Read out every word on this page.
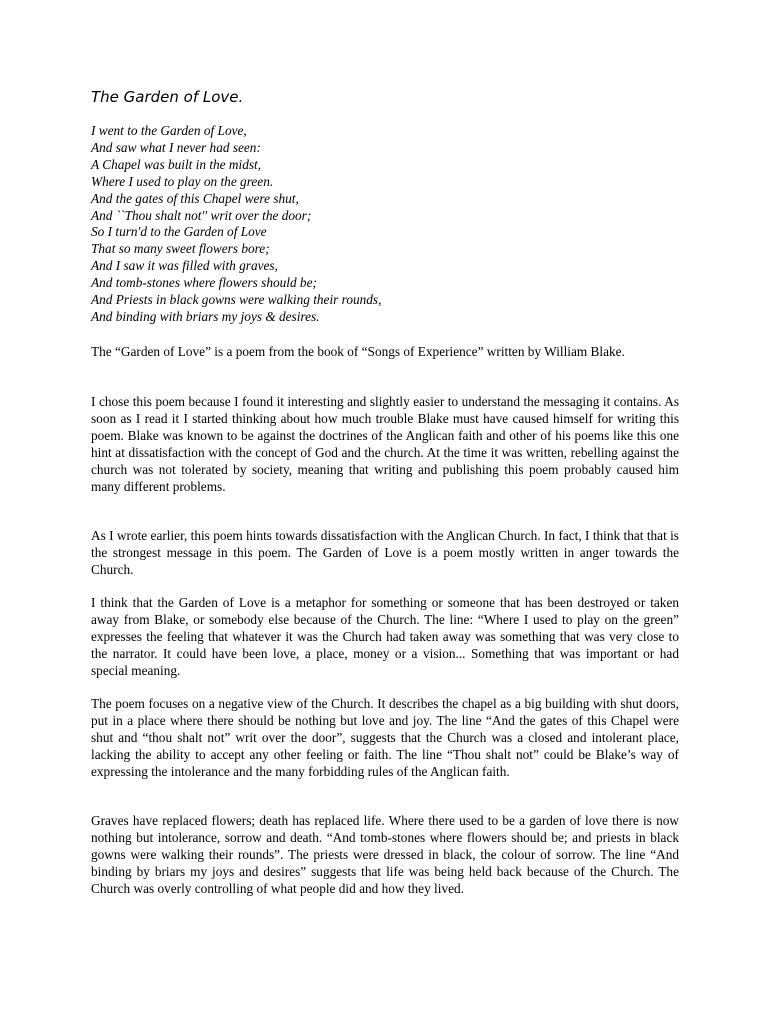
The Garden of Love.
I went to the Garden of Love,
And saw what I never had seen:
A Chapel was built in the midst,
Where I used to play on the green.
And the gates of this Chapel were shut,
And ``Thou shalt not'' writ over the door;
So I turn'd to the Garden of Love
That so many sweet flowers bore;
And I saw it was filled with graves,
And tomb-stones where flowers should be;
And Priests in black gowns were walking their rounds,
And binding with briars my joys & desires.

The “Garden of Love” is a poem from the book of “Songs of Experience” written by William Blake.

I chose this poem because I found it interesting and slightly easier to understand the messaging it contains. As soon as I read it I started thinking about how much trouble Blake must have caused himself for writing this poem. Blake was known to be against the doctrines of the Anglican faith and other of his poems like this one hint at dissatisfaction with the concept of God and the church. At the time it was written, rebelling against the church was not tolerated by society, meaning that writing and publishing this poem probably caused him many different problems.

As I wrote earlier, this poem hints towards dissatisfaction with the Anglican Church. In fact, I think that that is the strongest message in this poem. The Garden of Love is a poem mostly written in anger towards the Church.

I think that the Garden of Love is a metaphor for something or someone that has been destroyed or taken away from Blake, or somebody else because of the Church. The line: “Where I used to play on the green” expresses the feeling that whatever it was the Church had taken away was something that was very close to the narrator. It could have been love, a place, money or a vision... Something that was important or had special meaning.

The poem focuses on a negative view of the Church. It describes the chapel as a big building with shut doors, put in a place where there should be nothing but love and joy. The line “And the gates of this Chapel were shut and “thou shalt not” writ over the door”, suggests that the Church was a closed and intolerant place, lacking the ability to accept any other feeling or faith. The line “Thou shalt not” could be Blake’s way of expressing the intolerance and the many forbidding rules of the Anglican faith.

Graves have replaced flowers; death has replaced life. Where there used to be a garden of love there is now nothing but intolerance, sorrow and death. “And tomb-stones where flowers should be; and priests in black gowns were walking their rounds”. The priests were dressed in black, the colour of sorrow. The line “And binding by briars my joys and desires” suggests that life was being held back because of the Church. The Church was overly controlling of what people did and how they lived.
